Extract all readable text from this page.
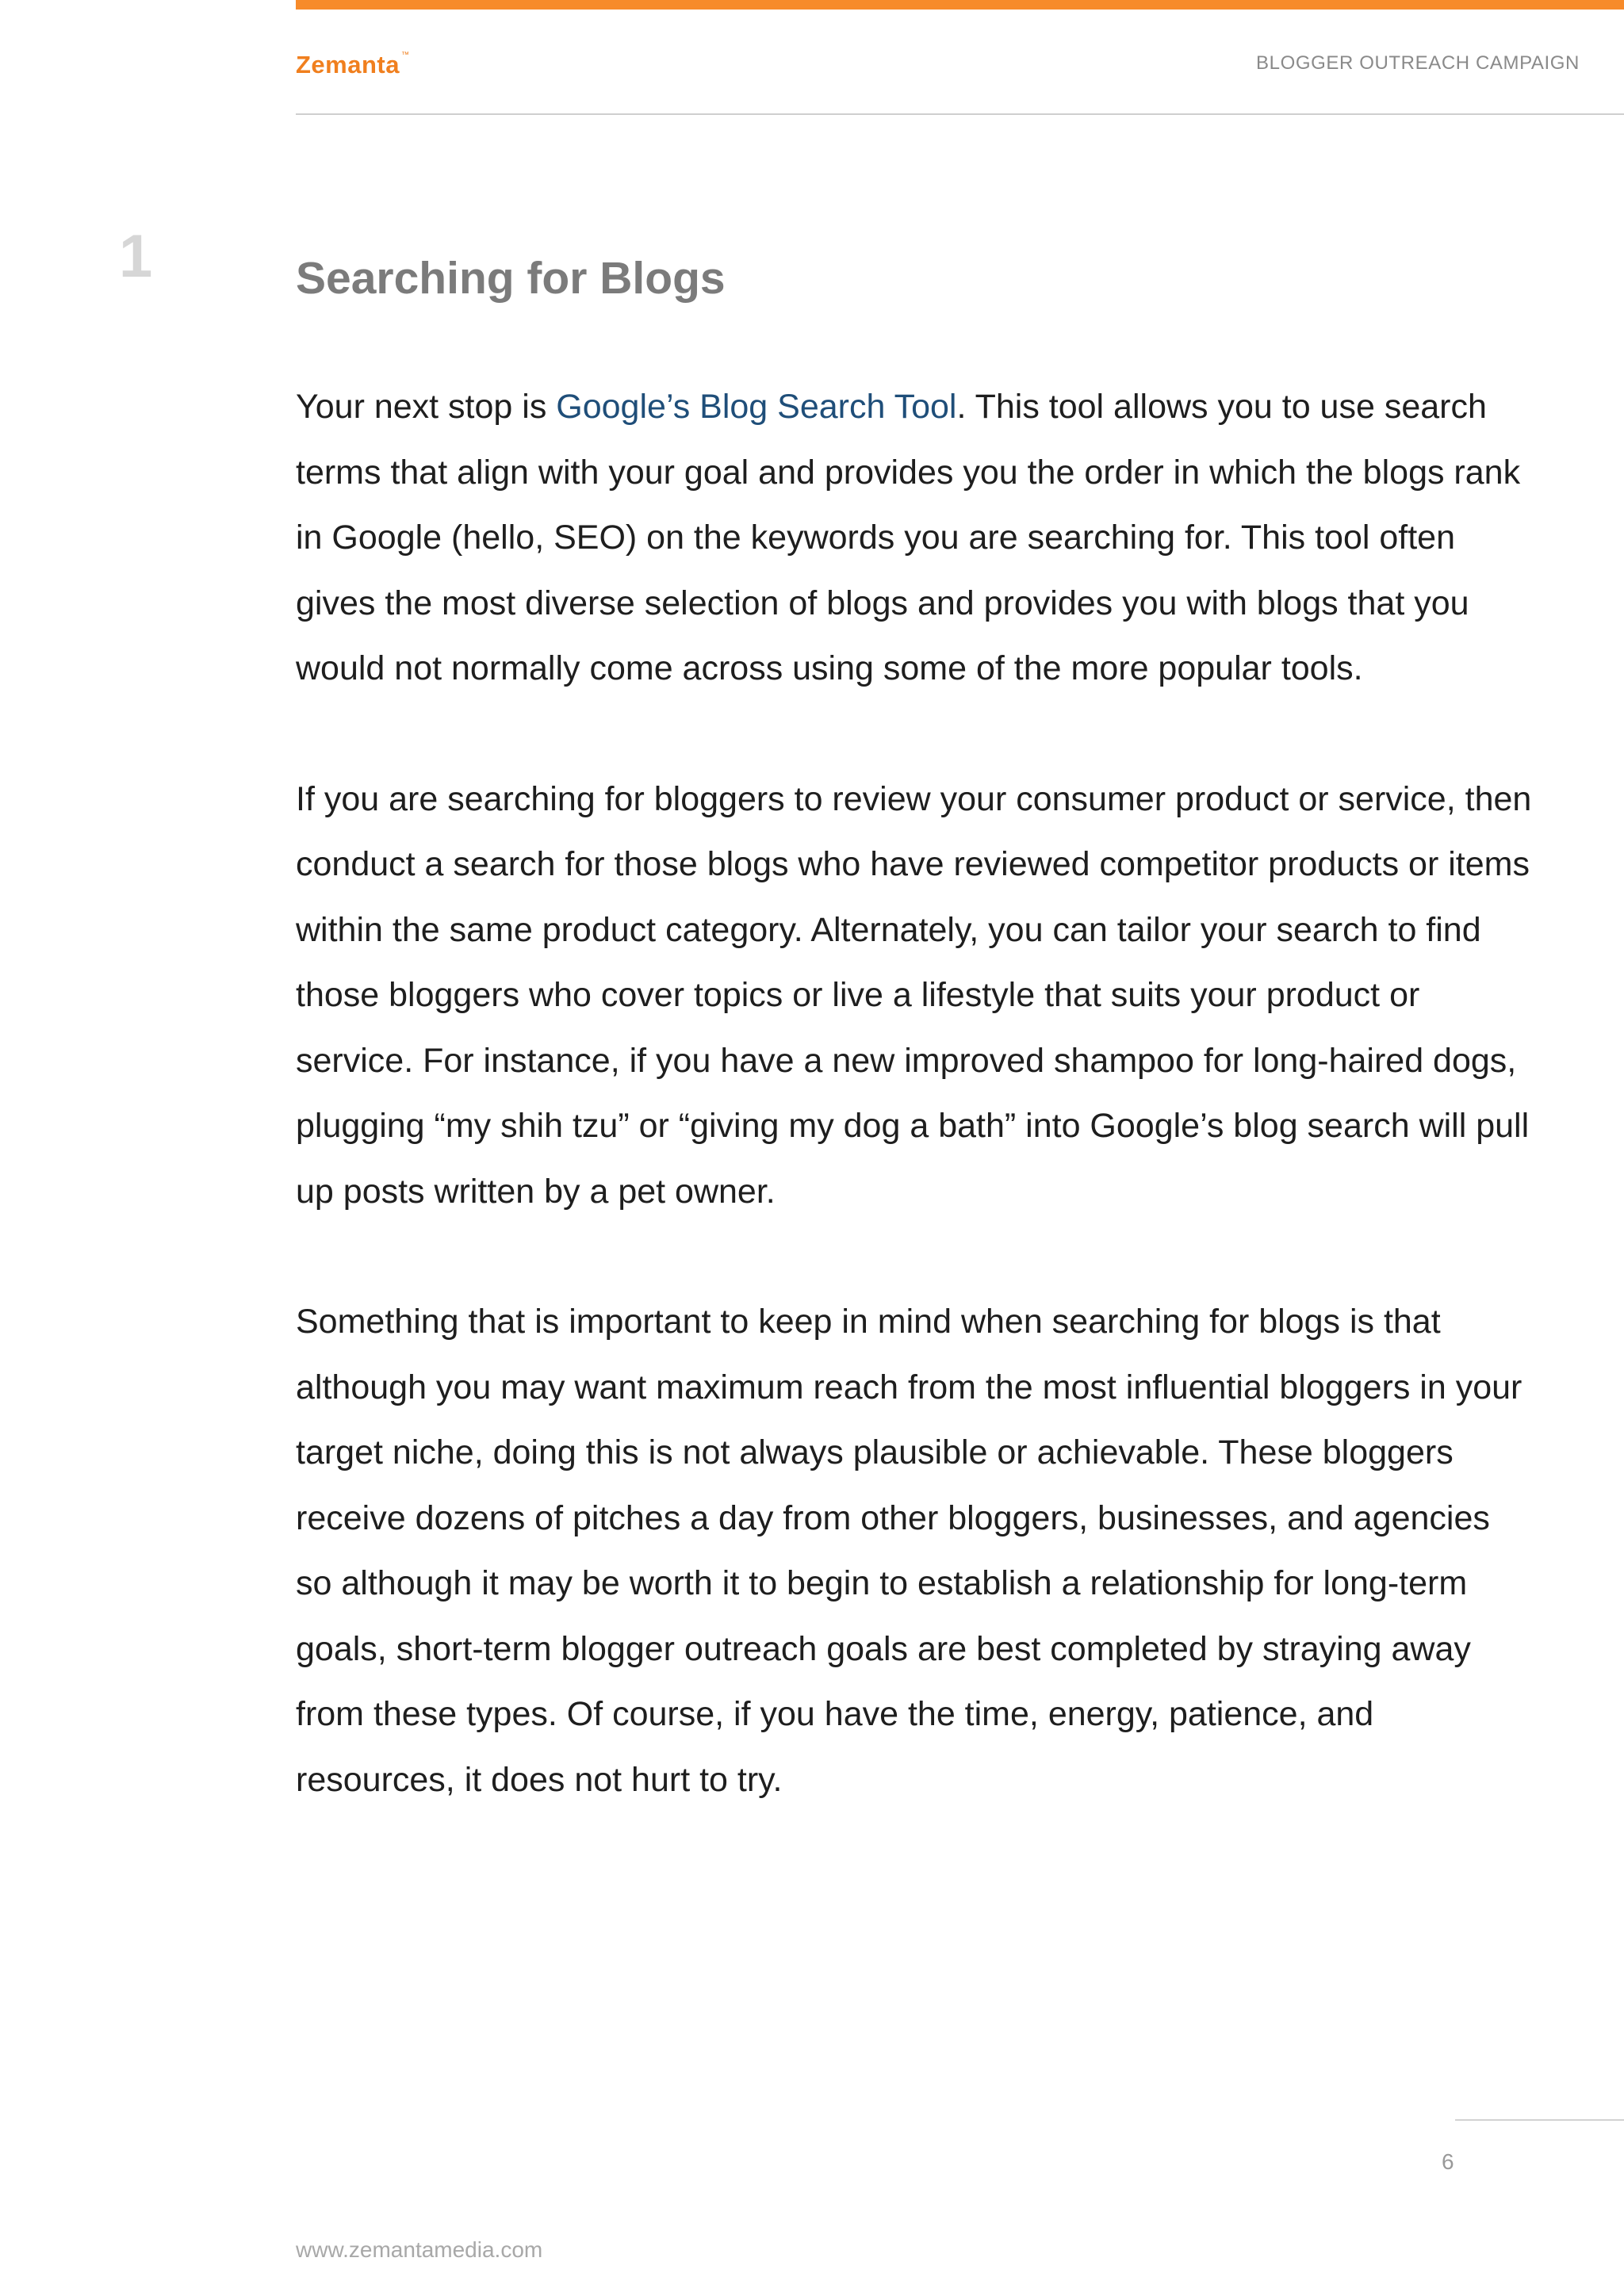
Zemanta ™	BLOGGER OUTREACH CAMPAIGN
1	Searching for Blogs

Your next stop is Google’s Blog Search Tool. This tool allows you to use search terms that align with your goal and provides you the order in which the blogs rank in Google (hello, SEO) on the keywords you are searching for. This tool often gives the most diverse selection of blogs and provides you with blogs that you would not normally come across using some of the more popular tools.

If you are searching for bloggers to review your consumer product or service, then conduct a search for those blogs who have reviewed competitor products or items within the same product category. Alternately, you can tailor your search to find those bloggers who cover topics or live a lifestyle that suits your product or service. For instance, if you have a new improved shampoo for long-haired dogs, plugging “my shih tzu” or “giving my dog a bath” into Google’s blog search will pull up posts written by a pet owner.

Something that is important to keep in mind when searching for blogs is that although you may want maximum reach from the most influential bloggers in your target niche, doing this is not always plausible or achievable. These bloggers receive dozens of pitches a day from other bloggers, businesses, and agencies so although it may be worth it to begin to establish a relationship for long-term goals, short-term blogger outreach goals are best completed by straying away from these types. Of course, if you have the time, energy, patience, and resources, it does not hurt to try.

6
www.zemantamedia.com
